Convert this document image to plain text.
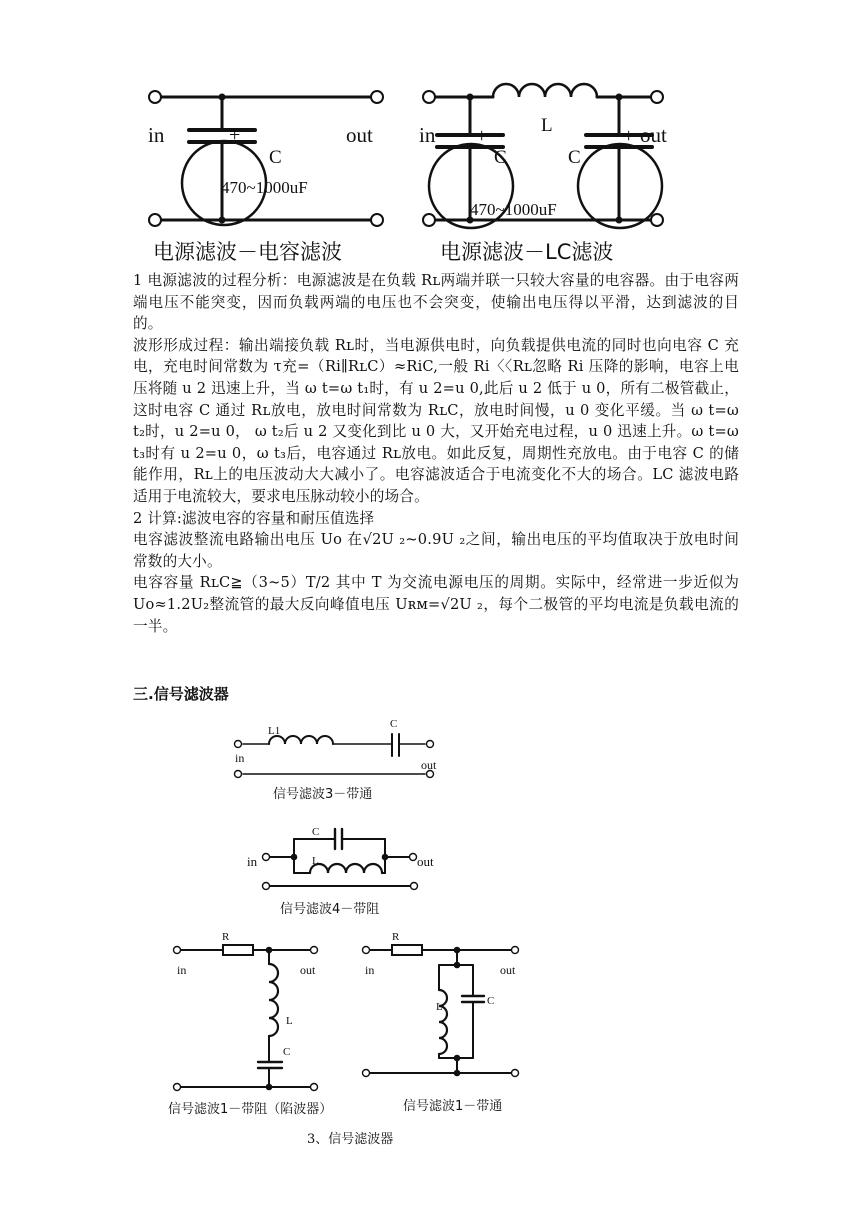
in	out
+
C
470~1000uF
电源滤波－电容滤波
in +	L
C	C
+ out
470~1000uF
电源滤波－LC滤波
L1
C
in	out
信号滤波3－带通
C
L
in	out
信号滤波4－带阻
R
in	out
L
C
信号滤波1－带阻（陷波器）
R
in	out
L	C
信号滤波1－带通

1 电源滤波的过程分析：电源滤波是在负载 Rʟ两端并联一只较大容量的电容器。由于电容两端电压不能突变，因而负载两端的电压也不会突变，使输出电压得以平滑，达到滤波的目的。

波形形成过程：输出端接负载 Rʟ时，当电源供电时，向负载提供电流的同时也向电容 C 充电，充电时间常数为 τ充=（Ri∥RʟC）≈RiC,一般 Ri〈〈Rʟ忽略 Ri 压降的影响，电容上电压将随 u 2 迅速上升，当 ω t=ω t₁时，有 u 2=u 0,此后 u 2 低于 u 0，所有二极管截止，这时电容 C 通过 Rʟ放电，放电时间常数为 RʟC，放电时间慢，u 0 变化平缓。当 ω t=ω t₂时，u 2=u 0， ω t₂后 u 2 又变化到比 u 0 大，又开始充电过程，u 0 迅速上升。ω t=ω t₃时有 u 2=u 0，ω t₃后，电容通过 Rʟ放电。如此反复，周期性充放电。由于电容 C 的储能作用，Rʟ上的电压波动大大减小了。电容滤波适合于电流变化不大的场合。LC 滤波电路适用于电流较大，要求电压脉动较小的场合。

2 计算:滤波电容的容量和耐压值选择

电容滤波整流电路输出电压 Uo 在√2U ₂~0.9U ₂之间，输出电压的平均值取决于放电时间常数的大小。

电容容量 RʟC≧（3~5）T/2 其中 T 为交流电源电压的周期。实际中，经常进一步近似为 Uo≈1.2U₂整流管的最大反向峰值电压 Uʀᴍ=√2U ₂，每个二极管的平均电流是负载电流的一半。

三.信号滤波器
3、信号滤波器
